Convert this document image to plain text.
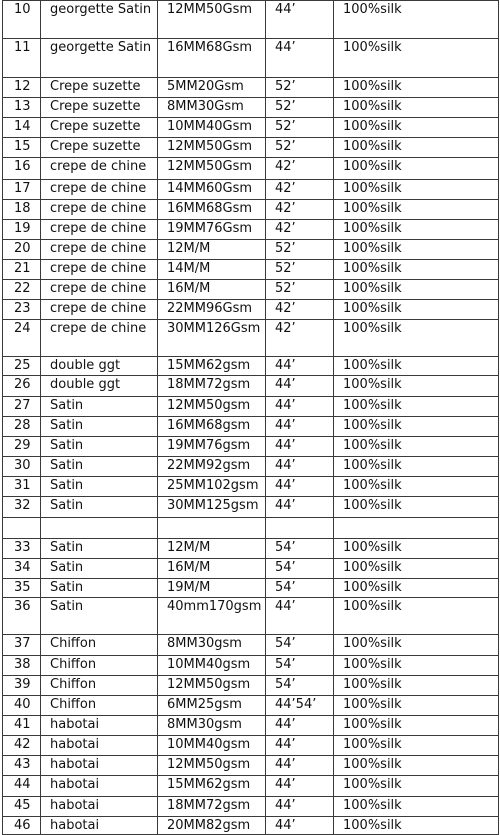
10	georgette Satin	12MM50Gsm	44’	100%silk
11	georgette Satin	16MM68Gsm	44’	100%silk
12	Crepe suzette	5MM20Gsm	52’	100%silk
13	Crepe suzette	8MM30Gsm	52’	100%silk
14	Crepe suzette	10MM40Gsm	52’	100%silk
15	Crepe suzette	12MM50Gsm	52’	100%silk
16	crepe de chine	12MM50Gsm	42’	100%silk
17	crepe de chine	14MM60Gsm	42’	100%silk
18	crepe de chine	16MM68Gsm	42’	100%silk
19	crepe de chine	19MM76Gsm	42’	100%silk
20	crepe de chine	12M/M	52’	100%silk
21	crepe de chine	14M/M	52’	100%silk
22	crepe de chine	16M/M	52’	100%silk
23	crepe de chine	22MM96Gsm	42’	100%silk
24	crepe de chine	30MM126Gsm	42’	100%silk
25	double ggt	15MM62gsm	44’	100%silk
26	double ggt	18MM72gsm	44’	100%silk
27	Satin	12MM50gsm	44’	100%silk
28	Satin	16MM68gsm	44’	100%silk
29	Satin	19MM76gsm	44’	100%silk
30	Satin	22MM92gsm	44’	100%silk
31	Satin	25MM102gsm	44’	100%silk
32	Satin	30MM125gsm	44’	100%silk

33	Satin	12M/M	54’	100%silk
34	Satin	16M/M	54’	100%silk
35	Satin	19M/M	54’	100%silk
36	Satin	40mm170gsm	44’	100%silk
37	Chiffon	8MM30gsm	54’	100%silk
38	Chiffon	10MM40gsm	54’	100%silk
39	Chiffon	12MM50gsm	54’	100%silk
40	Chiffon	6MM25gsm	44’54’	100%silk
41	habotai	8MM30gsm	44’	100%silk
42	habotai	10MM40gsm	44’	100%silk
43	habotai	12MM50gsm	44’	100%silk
44	habotai	15MM62gsm	44’	100%silk
45	habotai	18MM72gsm	44’	100%silk
46	habotai	20MM82gsm	44’	100%silk
